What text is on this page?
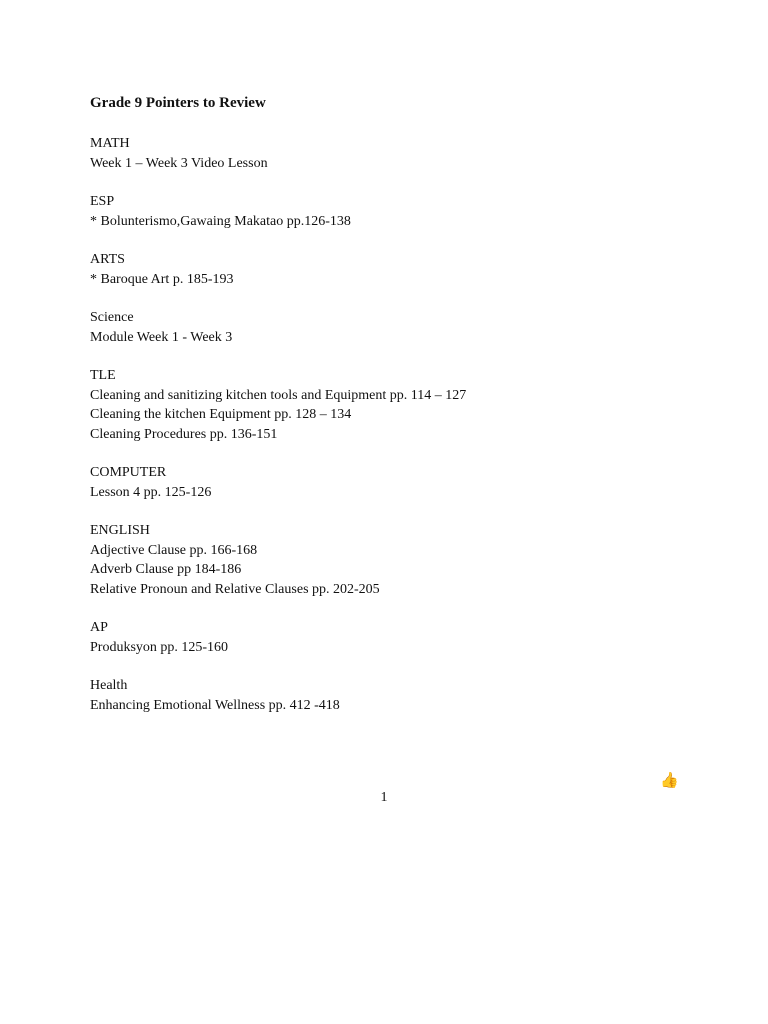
Grade 9 Pointers to Review
MATH
Week 1 – Week 3 Video Lesson
ESP
* Bolunterismo,Gawaing Makatao pp.126-138
ARTS
* Baroque Art p. 185-193
Science
Module Week 1 - Week 3
TLE
Cleaning and sanitizing kitchen tools and Equipment pp. 114 – 127
Cleaning the kitchen Equipment pp. 128 – 134
Cleaning Procedures pp. 136-151
COMPUTER
Lesson 4 pp. 125-126
ENGLISH
Adjective Clause pp. 166-168
Adverb Clause pp 184-186
Relative Pronoun and Relative Clauses pp. 202-205
AP
Produksyon pp. 125-160
Health
Enhancing Emotional Wellness pp. 412 -418
👍
1
